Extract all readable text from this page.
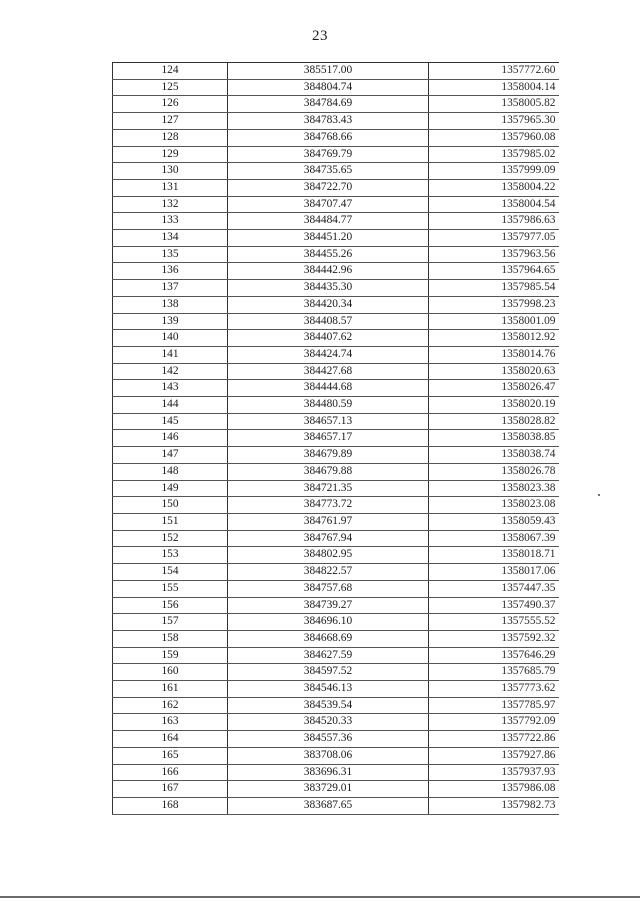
23
124	385517.00	1357772.60
125	384804.74	1358004.14
126	384784.69	1358005.82
127	384783.43	1357965.30
128	384768.66	1357960.08
129	384769.79	1357985.02
130	384735.65	1357999.09
131	384722.70	1358004.22
132	384707.47	1358004.54
133	384484.77	1357986.63
134	384451.20	1357977.05
135	384455.26	1357963.56
136	384442.96	1357964.65
137	384435.30	1357985.54
138	384420.34	1357998.23
139	384408.57	1358001.09
140	384407.62	1358012.92
141	384424.74	1358014.76
142	384427.68	1358020.63
143	384444.68	1358026.47
144	384480.59	1358020.19
145	384657.13	1358028.82
146	384657.17	1358038.85
147	384679.89	1358038.74
148	384679.88	1358026.78
149	384721.35	1358023.38
150	384773.72	1358023.08
151	384761.97	1358059.43
152	384767.94	1358067.39
153	384802.95	1358018.71
154	384822.57	1358017.06
155	384757.68	1357447.35
156	384739.27	1357490.37
157	384696.10	1357555.52
158	384668.69	1357592.32
159	384627.59	1357646.29
160	384597.52	1357685.79
161	384546.13	1357773.62
162	384539.54	1357785.97
163	384520.33	1357792.09
164	384557.36	1357722.86
165	383708.06	1357927.86
166	383696.31	1357937.93
167	383729.01	1357986.08
168	383687.65	1357982.73
